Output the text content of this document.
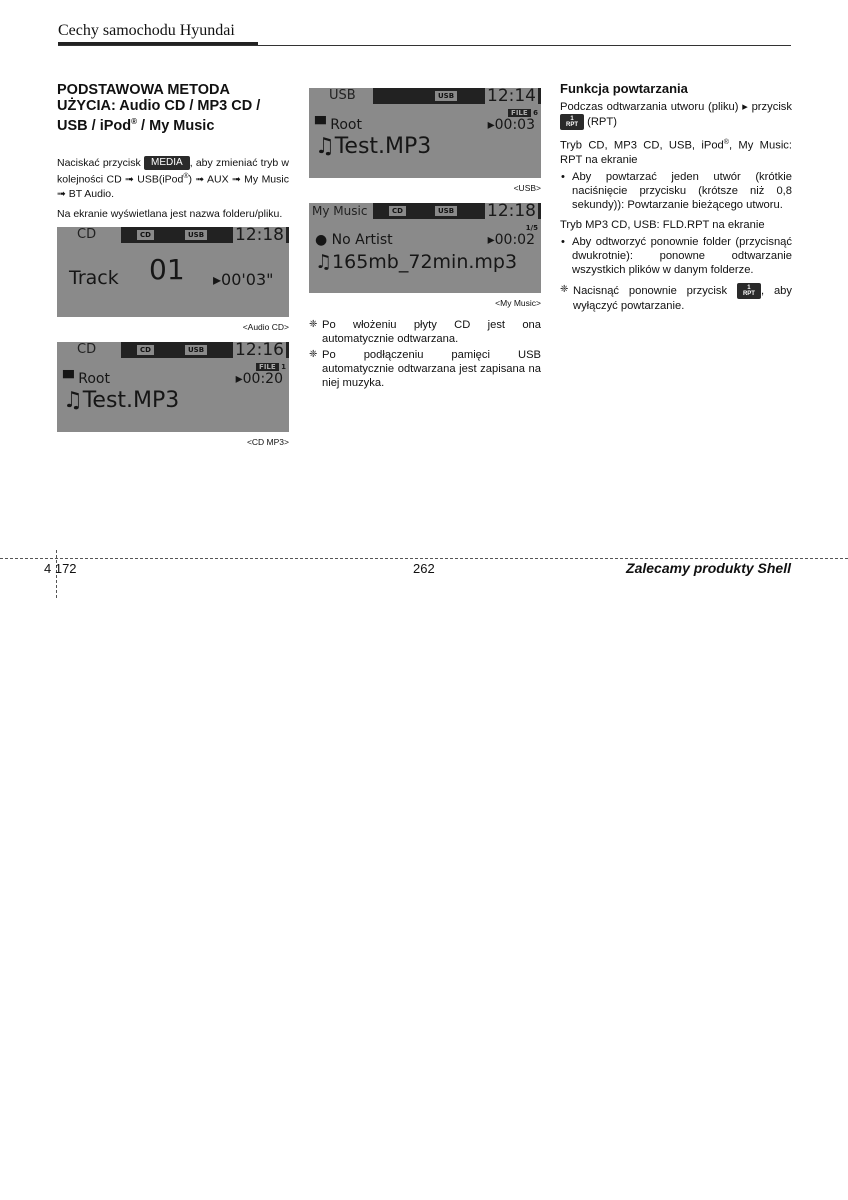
Cechy samochodu Hyundai
PODSTAWOWA METODA
UŻYCIA: Audio CD / MP3 CD /
USB / iPod® / My Music

Naciskać przycisk MEDIA , aby zmieniać tryb w kolejności CD ➟ USB(iPod®) ➟ AUX ➟ My Music ➟ BT Audio.

Na ekranie wyświetlana jest nazwa folderu/pliku.

CD	CD	USB 12:18
Track 01 ▸00'03"
<Audio CD>
CD	CD	USB 12:16
FILE 1
▀ Root	▸00:20
♫Test.MP3
<CD MP3>
USB	USB 12:14
FILE 6
▀ Root	▸00:03
♫Test.MP3
<USB>
My Music	CD	USB 12:18
1/5
● No Artist	▸00:02
♫165mb_72min.mp3
<My Music>
❈ Po włożeniu płyty CD jest ona automatycznie odtwarzana.
❈ Po podłączeniu pamięci USB automatycznie odtwarzana jest zapisana na niej muzyka.
Funkcja powtarzania

Podczas odtwarzania utworu (pliku) ▸ przycisk 1
RPT (RPT)

Tryb CD, MP3 CD, USB, iPod®, My Music: RPT na ekranie

• Aby powtarzać jeden utwór (krótkie naciśnięcie przycisku (krótsze niż 0,8 sekundy)): Powtarzanie bieżącego utworu.

Tryb MP3 CD, USB: FLD.RPT na ekranie

• Aby odtworzyć ponownie folder (przycisnąć dwukrotnie): ponowne odtwarzanie wszystkich plików w danym folderze.
❈ Nacisnąć ponownie przycisk	1
RPT , aby wyłączyć powtarzanie.
4 172	262	Zalecamy produkty Shell
